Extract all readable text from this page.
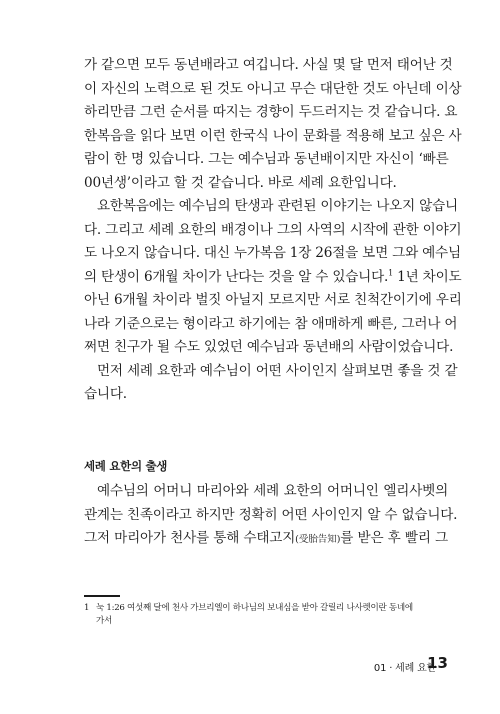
가 같으면 모두 동년배라고 여깁니다. 사실 몇 달 먼저 태어난 것
이 자신의 노력으로 된 것도 아니고 무슨 대단한 것도 아닌데 이상
하리만큼 그런 순서를 따지는 경향이 두드러지는 것 같습니다. 요
한복음을 읽다 보면 이런 한국식 나이 문화를 적용해 보고 싶은 사
람이 한 명 있습니다. 그는 예수님과 동년배이지만 자신이 ‘빠른
00년생’이라고 할 것 같습니다. 바로 세례 요한입니다.
요한복음에는 예수님의 탄생과 관련된 이야기는 나오지 않습니
다. 그리고 세례 요한의 배경이나 그의 사역의 시작에 관한 이야기
도 나오지 않습니다. 대신 누가복음 1장 26절을 보면 그와 예수님
의 탄생이 6개월 차이가 난다는 것을 알 수 있습니다.$^1$ 1년 차이도
아닌 6개월 차이라 벌짓 아닐지 모르지만 서로 친척간이기에 우리
나라 기준으로는 형이라고 하기에는 참 애매하게 빠른, 그러나 어
쩌면 친구가 될 수도 있었던 예수님과 동년배의 사람이었습니다.
먼저 세례 요한과 예수님이 어떤 사이인지 살펴보면 좋을 것 같
습니다.
세례 요한의 출생
예수님의 어머니 마리아와 세례 요한의 어머니인 엘리사벳의
관계는 친족이라고 하지만 정확히 어떤 사이인지 알 수 없습니다.
그저 마리아가 천사를 통해 수태고지(受胎告知)를 받은 후 빨리 그
1 눅 1:26 여섯째 달에 천사 가브리엘이 하나님의 보내심을 받아 갈릴리 나사렛이란 동네에
가서
01 · 세례 요한
13
